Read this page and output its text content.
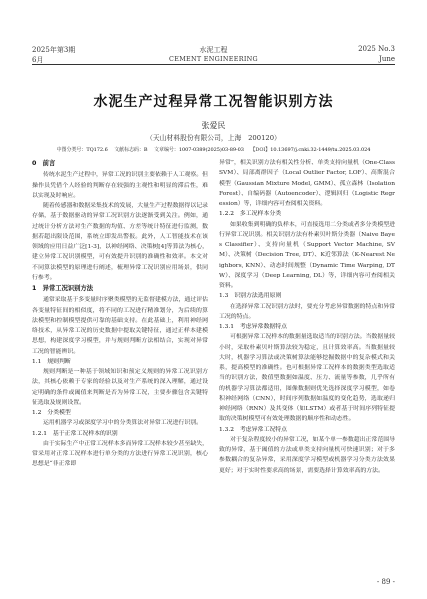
2025年第3期
6月
水泥工程
CEMENT ENGINEERING
2025 No.3
June
水泥生产过程异常工况智能识别方法
张爱民
（天山材料股份有限公司，上海　200120）
中图分类号：TQ172.6  文献标志码：B  文章编号：1007-0389(2025)03-89-03  【DOI】10.13697/j.cnki.32-1449/tu.2025.03.024

0　前言

传统水泥生产过程中，异常工况的识别主要依赖于人工观察。但操作员凭借个人经验的判断存在较强的主观性和明显的滞后性，难以实现及时响应。

随着传感器和数据采集技术的发展，大量生产过程数据得以记录存储，基于数据驱动的异常工况识别方法逐渐受到关注。例如，通过统计分析方法对生产数据的均值、方差等统计特征进行监测，数据若超出限设范围，系统立即发出警报。此外，人工智能技术在该领域的应用日益广泛[1-3]，以神经网络、决策树[4]等算法为核心，建立异常工况识别模型，可有效提升识别的准确性和效率。本文对不同算法模型的原理进行阐述，梳理异常工况识别应用场景，供同行参考。

1　异常工况识别方法

通常采取基于多变量时序聚类模型的无监督建模方法，通过评估各变量特征间的相似度，将不同的工况进行精准划分，为后续的算法模型和控制模型提供可靠的基础支持。在此基础上，利用神经网络技术，从异常工况的历史数据中提取关键特征，通过正样本建模思想，构建深度学习模型，并与规则判断方法相结合，实现对异常工况的智能辨识。

1.1　规则判断

规则判断是一种基于领域知识和预定义规则的异常工况识别方法，其核心依赖于专家的经验以及对生产系统的深入理解，通过设定明确的条件或阈值来判断是否为异常工况，主要步骤包含关键特征选取及规则设置。

1.2　分类模型

运用机器学习或深度学习中的分类算法对异常工况进行识别。

1.2.1　基于正常工况样本的识别

由于实际生产中正常工况样本多而异常工况样本较少甚至缺失，常采用对正常工况样本进行单分类的方法进行异常工况识别，核心思想是“非正常即

异常”，相关识别方法有相关性分析、单类支持向量机（One-Class SVM）、局部离群因子（Local Outlier Factor, LOF）、高斯混合模型（Gaussian Mixture Model, GMM）、孤立森林（Isolation Forest）、自编码器（Autoencoder）、逻辑回归（Logistic Regression）等，详细内容可查阅相关资料。

1.2.2　多工况样本分类

如果收集到明确的负样本，可直接选用二分类或者多分类模型进行异常工况识别。相关识别方法有朴素贝叶斯分类器（Naive Bayes Classifier）、支持向量机（Support Vector Machine, SVM）、决策树（Decision Tree, DT）、K近邻算法（K-Nearest Neighbors, KNN）、动态时间规整（Dynamic Time Warping, DTW）、深度学习（Deep Learning, DL）等，详细内容可查阅相关资料。

1.3　识别方法选用原则

在选择异常工况识别方法时，要充分考虑异常数据的特点和异常工况的特点。

1.3.1　考虑异常数据特点

可根据异常工况样本的数据量选取适当的识别方法。当数据量较小时，采取朴素贝叶斯算法较为稳定，且计算效率高。当数据量较大时，机器学习算法或决策树算法能够挖掘数据中的复杂模式和关系，提高模型的准确性。也可根据异常工况样本的数据类型选取适当的识别方法，数值型数据如温度、压力、流量等参数，几乎所有的机器学习算法都适用，图像数据则优先选择深度学习模型，如卷积神经网络（CNN），时间序列数据如温度的变化趋势，选取递归神经网络（RNN）及其变体（如LSTM）或者基于时间序列特征提取的决策树模型可有效处理数据的顺序性和动态性。

1.3.2　考虑异常工况特点

对于复杂程度较小的异常工况，如某个单一参数超出正常范围导致的异常，基于阈值的方法或单类支持向量机可快速识别；对于多参数耦合的复杂异常，采用深度学习模型或机器学习分类方法效果更好；对于实时性要求高的场景，需要选择计算效率高的方法。

- 89 -
